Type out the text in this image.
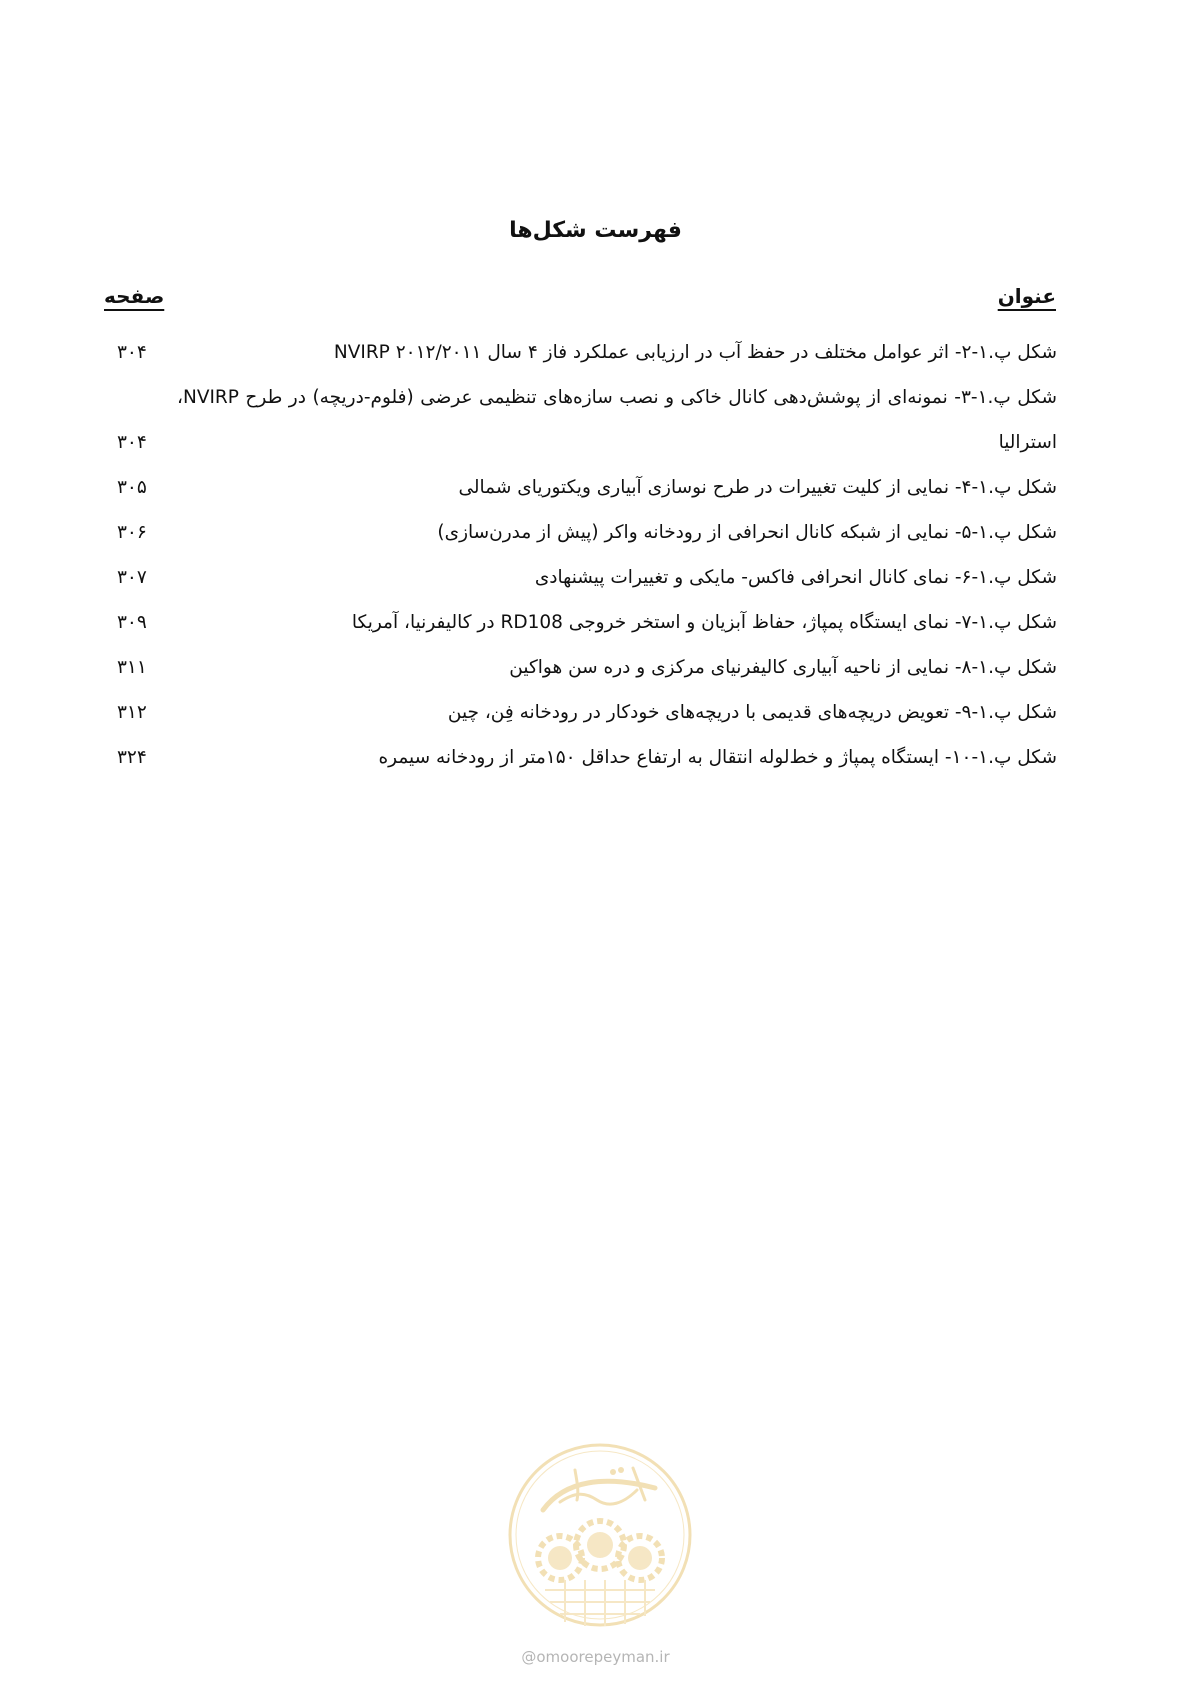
فهرست شکل‌ها
عنوان
صفحه
شکل پ.۱-۲- اثر عوامل مختلف در حفظ آب در ارزیابی عملکرد فاز ۴ سال ۲۰۱۲/۲۰۱۱ NVIRP
۳۰۴
شکل پ.۱-۳- نمونه‌ای از پوشش‌دهی کانال خاکی و نصب سازه‌های تنظیمی عرضی (فلوم-دریچه) در طرح NVIRP، استرالیا
۳۰۴
شکل پ.۱-۴- نمایی از کلیت تغییرات در طرح نوسازی آبیاری ویکتوریای شمالی
۳۰۵
شکل پ.۱-۵- نمایی از شبکه کانال انحرافی از رودخانه واکر (پیش از مدرن‌سازی)
۳۰۶
شکل پ.۱-۶- نمای کانال انحرافی فاکس- مایکی و تغییرات پیشنهادی
۳۰۷
شکل پ.۱-۷- نمای ایستگاه پمپاژ، حفاظ آبزیان و استخر خروجی RD108 در کالیفرنیا، آمریکا
۳۰۹
شکل پ.۱-۸- نمایی از ناحیه آبیاری کالیفرنیای مرکزی و دره سن هواکین
۳۱۱
شکل پ.۱-۹- تعویض دریچه‌های قدیمی با دریچه‌های خودکار در رودخانه فِن، چین
۳۱۲
شکل پ.۱-۱۰- ایستگاه پمپاژ و خط‌لوله انتقال به ارتفاع حداقل ۱۵۰متر از رودخانه سیمره
۳۲۴
@omoorepeyman.ir
